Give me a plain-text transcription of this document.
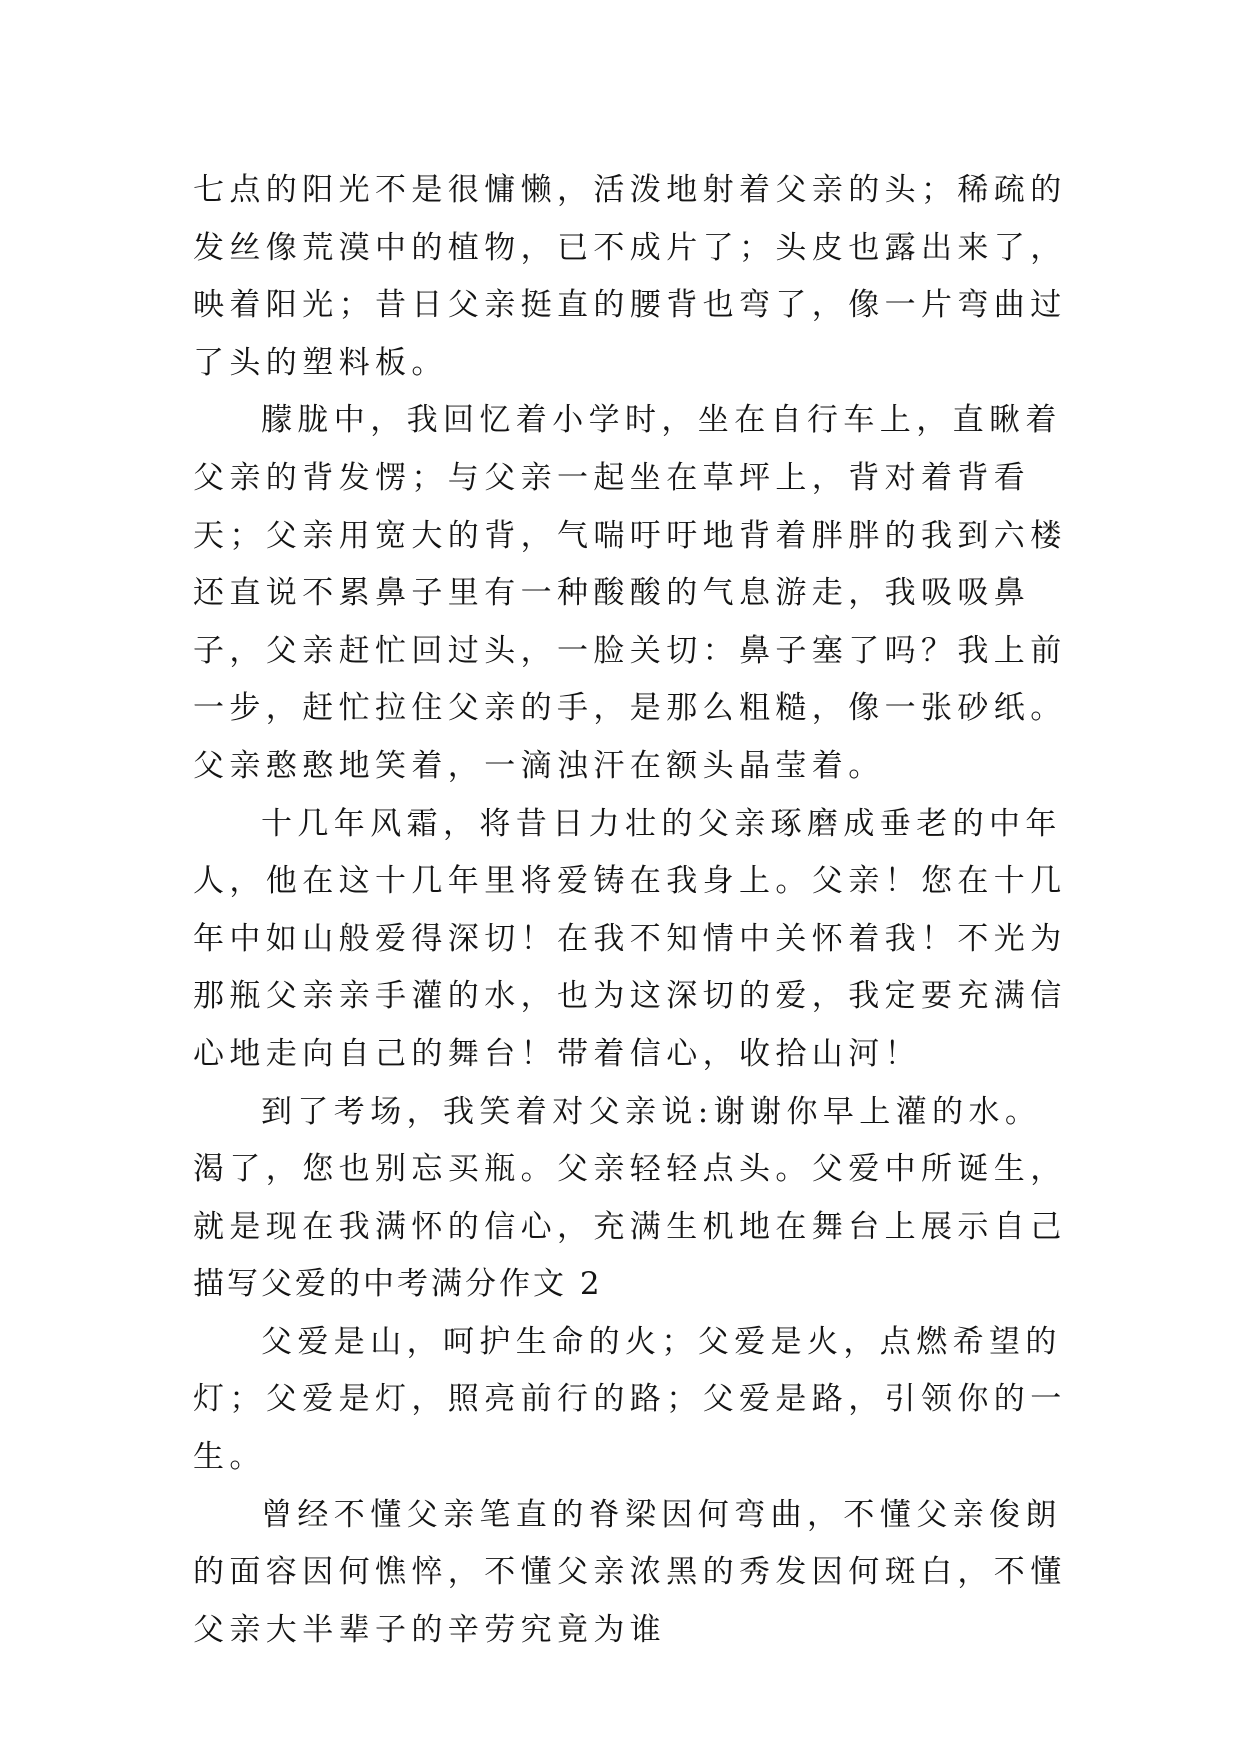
七点的阳光不是很慵懒，活泼地射着父亲的头；稀疏的发丝像荒漠中的植物，已不成片了；头皮也露出来了，映着阳光；昔日父亲挺直的腰背也弯了，像一片弯曲过了头的塑料板。

朦胧中，我回忆着小学时，坐在自行车上，直瞅着父亲的背发愣；与父亲一起坐在草坪上，背对着背看天；父亲用宽大的背，气喘吁吁地背着胖胖的我到六楼还直说不累鼻子里有一种酸酸的气息游走，我吸吸鼻子，父亲赶忙回过头，一脸关切：鼻子塞了吗？我上前一步，赶忙拉住父亲的手，是那么粗糙，像一张砂纸。父亲憨憨地笑着，一滴浊汗在额头晶莹着。

十几年风霜，将昔日力壮的父亲琢磨成垂老的中年人，他在这十几年里将爱铸在我身上。父亲！您在十几年中如山般爱得深切！在我不知情中关怀着我！不光为那瓶父亲亲手灌的水，也为这深切的爱，我定要充满信心地走向自己的舞台！带着信心，收拾山河！

到了考场，我笑着对父亲说:谢谢你早上灌的水。渴了，您也别忘买瓶。父亲轻轻点头。父爱中所诞生，就是现在我满怀的信心，充满生机地在舞台上展示自己

描写父爱的中考满分作文 2

父爱是山，呵护生命的火；父爱是火，点燃希望的灯；父爱是灯，照亮前行的路；父爱是路，引领你的一生。

曾经不懂父亲笔直的脊梁因何弯曲，不懂父亲俊朗的面容因何憔悴，不懂父亲浓黑的秀发因何斑白，不懂父亲大半辈子的辛劳究竟为谁
